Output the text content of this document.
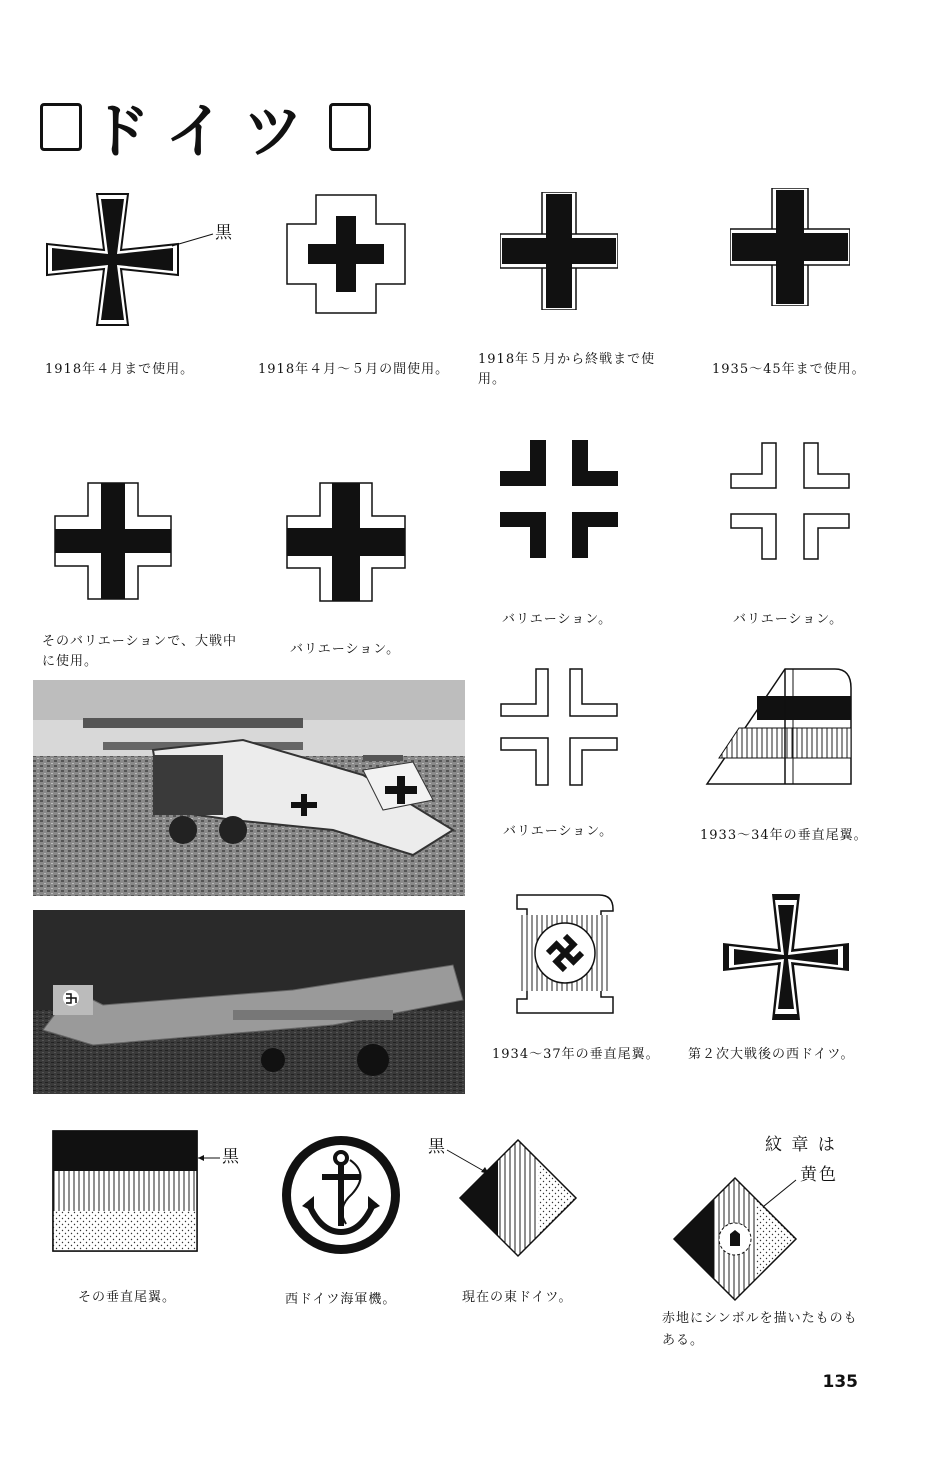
ドイツ
黒
1918年４月まで使用。	1918年４月～５月の間使用。
1918年５月から終戦まで使用。
1935～45年まで使用。
そのバリエーションで、大戦中に使用。
バリエーション。
バリエーション。	バリエーション。
バリエーション。	1933～34年の垂直尾翼。
1934～37年の垂直尾翼。	第２次大戦後の西ドイツ。
黒	黒	紋 章 は
黄色
その垂直尾翼。	西ドイツ海軍機。	現在の東ドイツ。
赤地にシンボルを描いたものもある。
135
